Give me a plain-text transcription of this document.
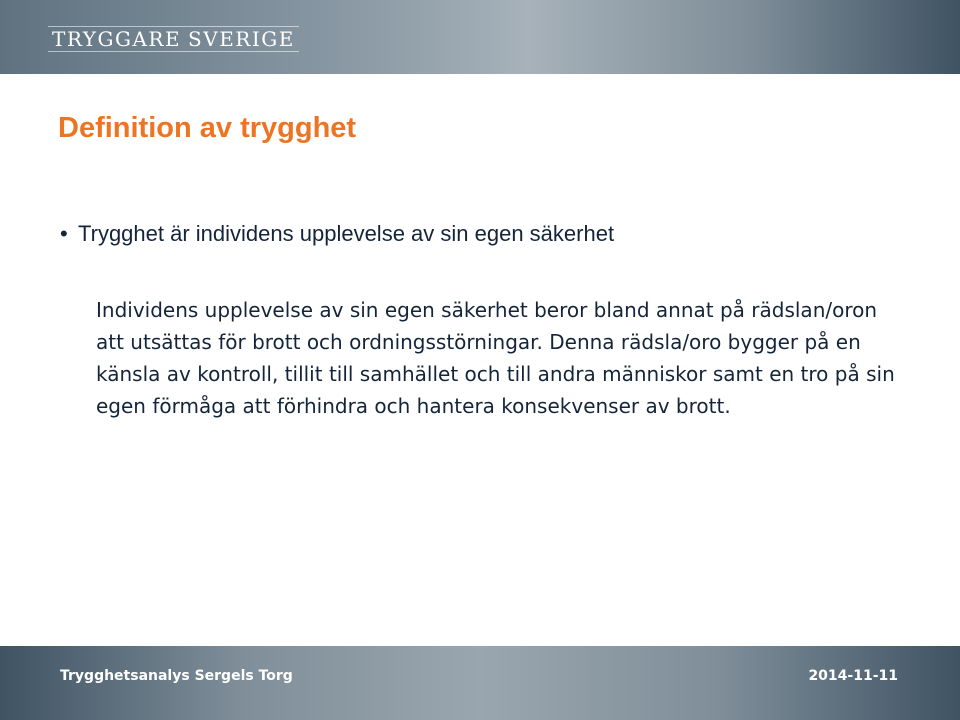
TRYGGARE SVERIGE
Definition av trygghet
• Trygghet är individens upplevelse av sin egen säkerhet
Individens upplevelse av sin egen säkerhet beror bland annat på rädslan/oron att utsättas för brott och ordningsstörningar. Denna rädsla/oro bygger på en känsla av kontroll, tillit till samhället och till andra människor samt en tro på sin egen förmåga att förhindra och hantera konsekvenser av brott.
Trygghetsanalys Sergels Torg	2014-11-11
